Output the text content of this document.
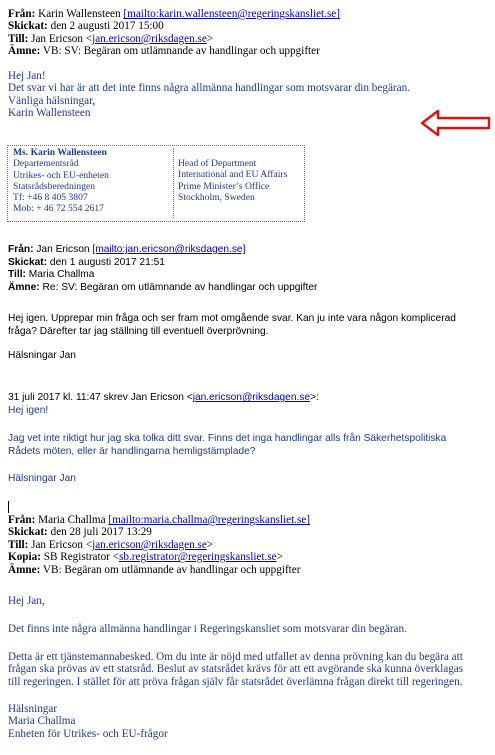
Från: Karin Wallensteen [mailto:karin.wallensteen@regeringskansliet.se]
Skickat: den 2 augusti 2017 15:00
Till: Jan Ericson <jan.ericson@riksdagen.se>
Ämne: VB: SV: Begäran om utlämnande av handlingar och uppgifter
Hej Jan!
Det svar vi har är att det inte finns några allmänna handlingar som motsvarar din begäran.
Vänliga hälsningar,
Karin Wallensteen
Ms. Karin Wallensteen
Departementsråd
Utrikes- och EU-enheten
Statsrådsberedningen
Tf: +46 8 405 3807
Mob: + 46 72 554 2617
Head of Department
International and EU Affairs
Prime Minister’s Office
Stockholm, Sweden
Från: Jan Ericson [mailto:jan.ericson@riksdagen.se]
Skickat: den 1 augusti 2017 21:51
Till: Maria Challma
Ämne: Re: SV: Begäran om utlämnande av handlingar och uppgifter
Hej igen. Upprepar min fråga och ser fram mot omgående svar. Kan ju inte vara någon komplicerad
fråga? Därefter tar jag ställning till eventuell överprövning.
Hälsningar Jan
31 juli 2017 kl. 11:47 skrev Jan Ericson <jan.ericson@riksdagen.se>:
Hej igen!
Jag vet inte riktigt hur jag ska tolka ditt svar. Finns det inga handlingar alls från Säkerhetspolitiska
Rådets möten, eller är handlingarna hemligstämplade?
Hälsningar Jan
Från: Maria Challma [mailto:maria.challma@regeringskansliet.se]
Skickat: den 28 juli 2017 13:29
Till: Jan Ericson <jan.ericson@riksdagen.se>
Kopia: SB Registrator <sb.registrator@regeringskansliet.se>
Ämne: VB: Begäran om utlämnande av handlingar och uppgifter
Hej Jan,
Det finns inte några allmänna handlingar i Regeringskansliet som motsvarar din begäran.
Detta är ett tjänstemannabesked. Om du inte är nöjd med utfallet av denna prövning kan du begära att
frågan ska prövas av ett statsråd. Beslut av statsrådet krävs för att ett avgörande ska kunna överklagas
till regeringen. I stället för att pröva frågan själv får statsrådet överlämna frågan direkt till regeringen.
Hälsningar
Maria Challma
Enheten för Utrikes- och EU-frågor
